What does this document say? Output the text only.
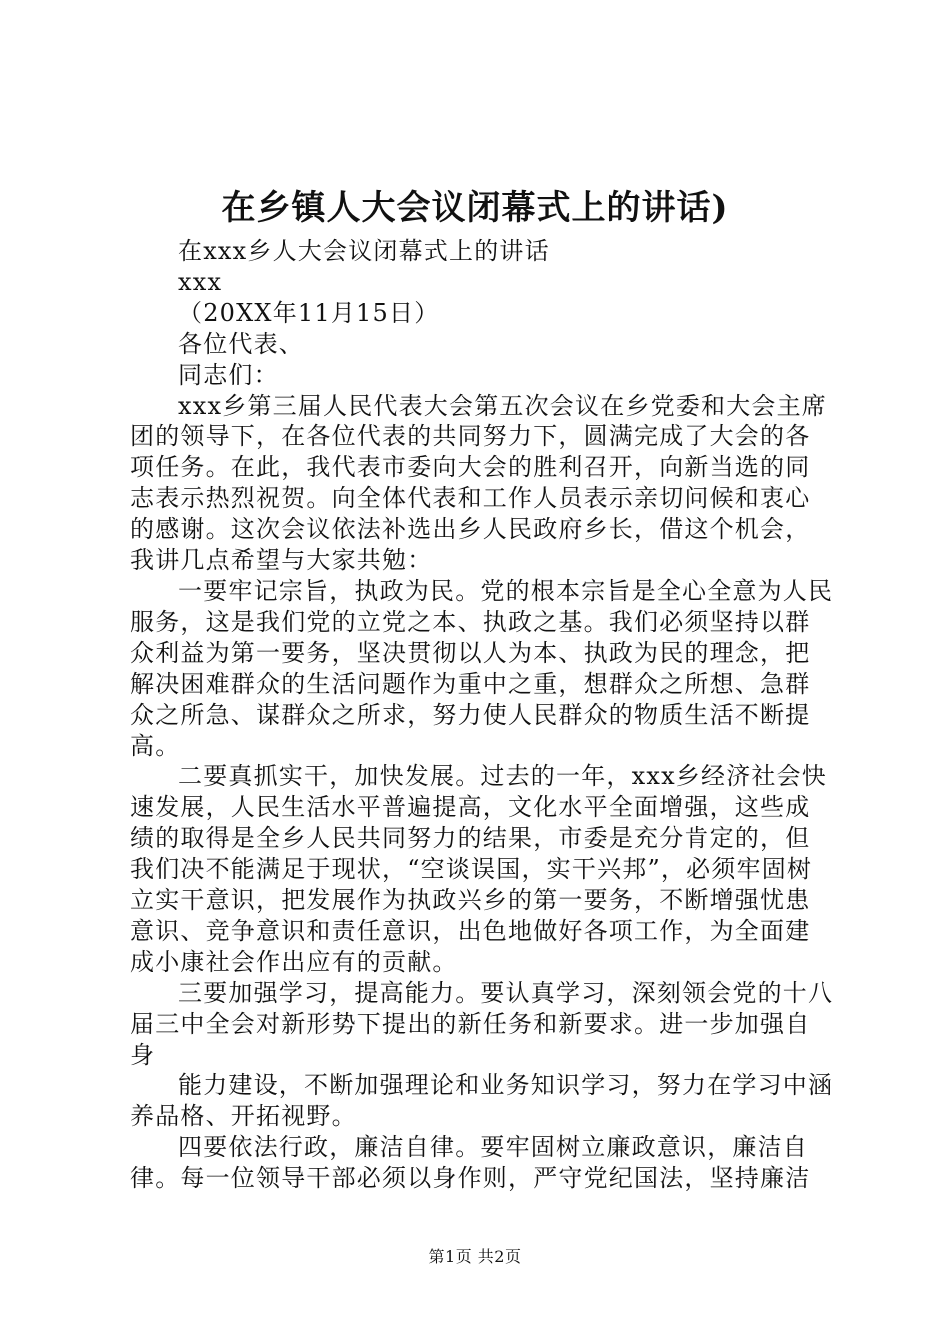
在乡镇人大会议闭幕式上的讲话)

在xxx乡人大会议闭幕式上的讲话

xxx

（20XX年11月15日）

各位代表、

同志们：

xxx乡第三届人民代表大会第五次会议在乡党委和大会主席团的领导下，在各位代表的共同努力下，圆满完成了大会的各项任务。在此，我代表市委向大会的胜利召开，向新当选的同志表示热烈祝贺。向全体代表和工作人员表示亲切问候和衷心的感谢。这次会议依法补选出乡人民政府乡长，借这个机会，我讲几点希望与大家共勉：

一要牢记宗旨，执政为民。党的根本宗旨是全心全意为人民服务，这是我们党的立党之本、执政之基。我们必须坚持以群众利益为第一要务，坚决贯彻以人为本、执政为民的理念，把解决困难群众的生活问题作为重中之重，想群众之所想、急群众之所急、谋群众之所求，努力使人民群众的物质生活不断提高。

二要真抓实干，加快发展。过去的一年，xxx乡经济社会快速发展，人民生活水平普遍提高，文化水平全面增强，这些成绩的取得是全乡人民共同努力的结果，市委是充分肯定的，但我们决不能满足于现状，“空谈误国，实干兴邦”，必须牢固树立实干意识，把发展作为执政兴乡的第一要务，不断增强忧患意识、竞争意识和责任意识，出色地做好各项工作，为全面建成小康社会作出应有的贡献。

三要加强学习，提高能力。要认真学习，深刻领会党的十八届三中全会对新形势下提出的新任务和新要求。进一步加强自身

能力建设，不断加强理论和业务知识学习，努力在学习中涵养品格、开拓视野。

四要依法行政，廉洁自律。要牢固树立廉政意识，廉洁自律。每一位领导干部必须以身作则，严守党纪国法，坚持廉洁

第1页 共2页
